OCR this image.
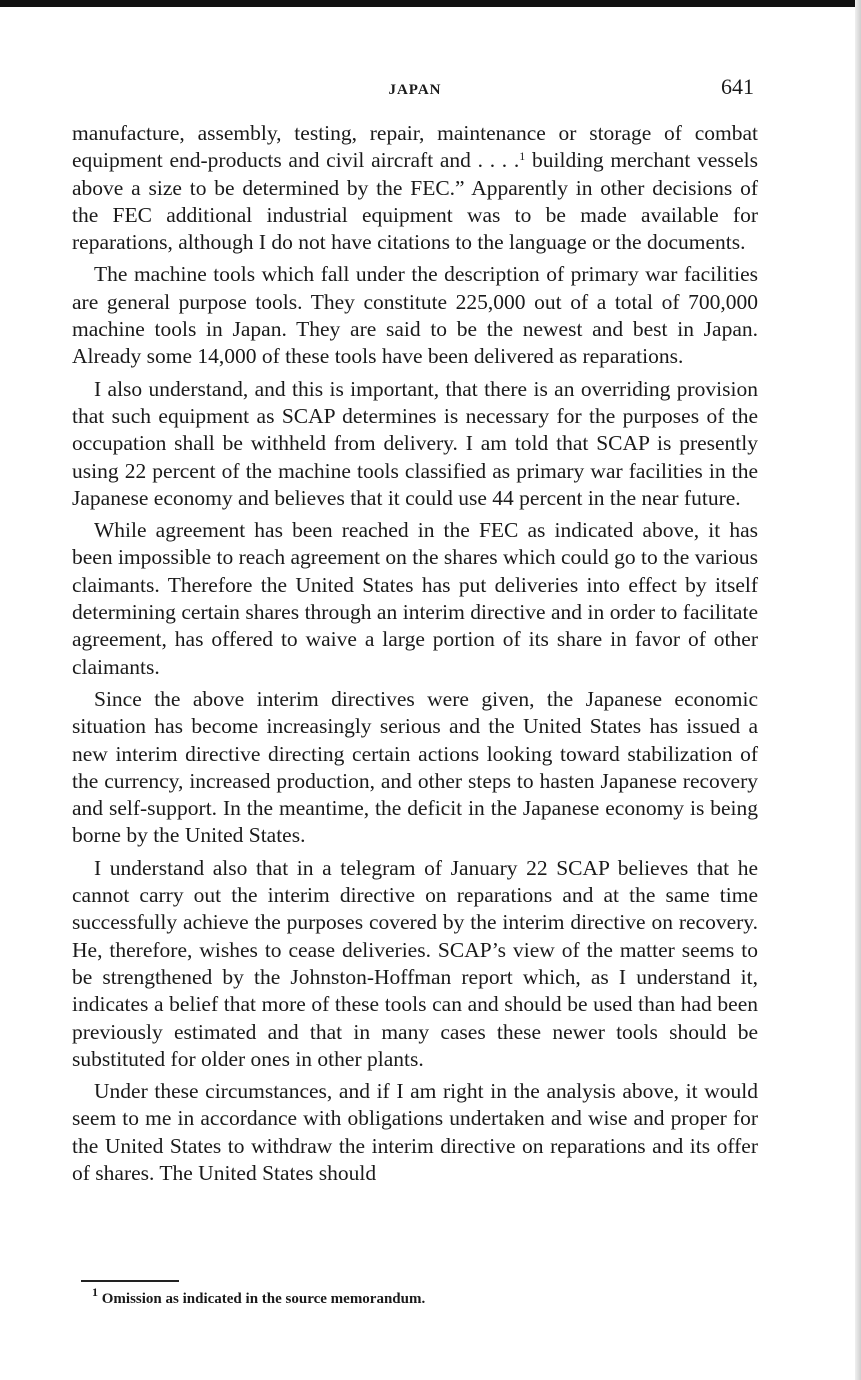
JAPAN	641

manufacture, assembly, testing, repair, maintenance or storage of combat equipment end-products and civil aircraft and . . . .$^1$ building merchant vessels above a size to be determined by the FEC.” Apparently in other decisions of the FEC additional industrial equipment was to be made available for reparations, although I do not have citations to the language or the documents.

The machine tools which fall under the description of primary war facilities are general purpose tools. They constitute 225,000 out of a total of 700,000 machine tools in Japan. They are said to be the newest and best in Japan. Already some 14,000 of these tools have been delivered as reparations.

I also understand, and this is important, that there is an overriding provision that such equipment as SCAP determines is necessary for the purposes of the occupation shall be withheld from delivery. I am told that SCAP is presently using 22 percent of the machine tools classified as primary war facilities in the Japanese economy and believes that it could use 44 percent in the near future.

While agreement has been reached in the FEC as indicated above, it has been impossible to reach agreement on the shares which could go to the various claimants. Therefore the United States has put deliveries into effect by itself determining certain shares through an interim directive and in order to facilitate agreement, has offered to waive a large portion of its share in favor of other claimants.

Since the above interim directives were given, the Japanese economic situation has become increasingly serious and the United States has issued a new interim directive directing certain actions looking toward stabilization of the currency, increased production, and other steps to hasten Japanese recovery and self-support. In the meantime, the deficit in the Japanese economy is being borne by the United States.

I understand also that in a telegram of January 22 SCAP believes that he cannot carry out the interim directive on reparations and at the same time successfully achieve the purposes covered by the interim directive on recovery. He, therefore, wishes to cease deliveries. SCAP’s view of the matter seems to be strengthened by the Johnston-Hoffman report which, as I understand it, indicates a belief that more of these tools can and should be used than had been previously estimated and that in many cases these newer tools should be substituted for older ones in other plants.

Under these circumstances, and if I am right in the analysis above, it would seem to me in accordance with obligations undertaken and wise and proper for the United States to withdraw the interim directive on reparations and its offer of shares. The United States should

$^1$ Omission as indicated in the source memorandum.
